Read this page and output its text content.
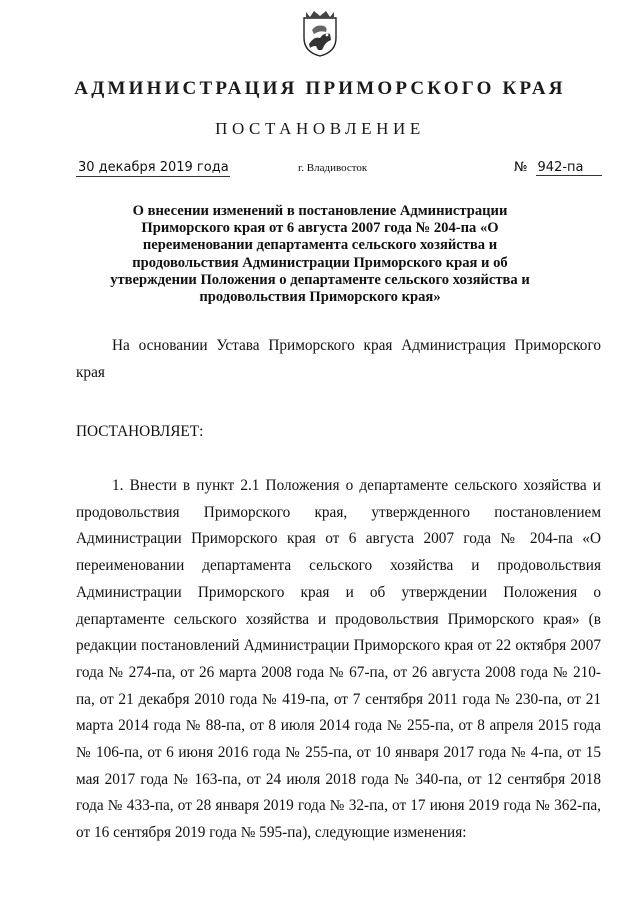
АДМИНИСТРАЦИЯ ПРИМОРСКОГО КРАЯ
ПОСТАНОВЛЕНИЕ
30 декабря 2019 года	г. Владивосток	№ 942-па
О внесении изменений в постановление Администрации Приморского края от 6 августа 2007 года № 204-па «О переименовании департамента сельского хозяйства и продовольствия Администрации Приморского края и об утверждении Положения о департаменте сельского хозяйства и продовольствия Приморского края»
На основании Устава Приморского края Администрация Приморского края
ПОСТАНОВЛЯЕТ:
1. Внести в пункт 2.1 Положения о департаменте сельского хозяйства и продовольствия Приморского края, утвержденного постановлением Администрации Приморского края от 6 августа 2007 года № 204-па «О переименовании департамента сельского хозяйства и продовольствия Администрации Приморского края и об утверждении Положения о департаменте сельского хозяйства и продовольствия Приморского края» (в редакции постановлений Администрации Приморского края от 22 октября 2007 года № 274-па, от 26 марта 2008 года № 67-па, от 26 августа 2008 года № 210-па, от 21 декабря 2010 года № 419-па, от 7 сентября 2011 года № 230-па, от 21 марта 2014 года № 88-па, от 8 июля 2014 года № 255-па, от 8 апреля 2015 года № 106-па, от 6 июня 2016 года № 255-па, от 10 января 2017 года № 4-па, от 15 мая 2017 года № 163-па, от 24 июля 2018 года № 340-па, от 12 сентября 2018 года № 433-па, от 28 января 2019 года № 32-па, от 17 июня 2019 года № 362-па, от 16 сентября 2019 года № 595-па), следующие изменения:
